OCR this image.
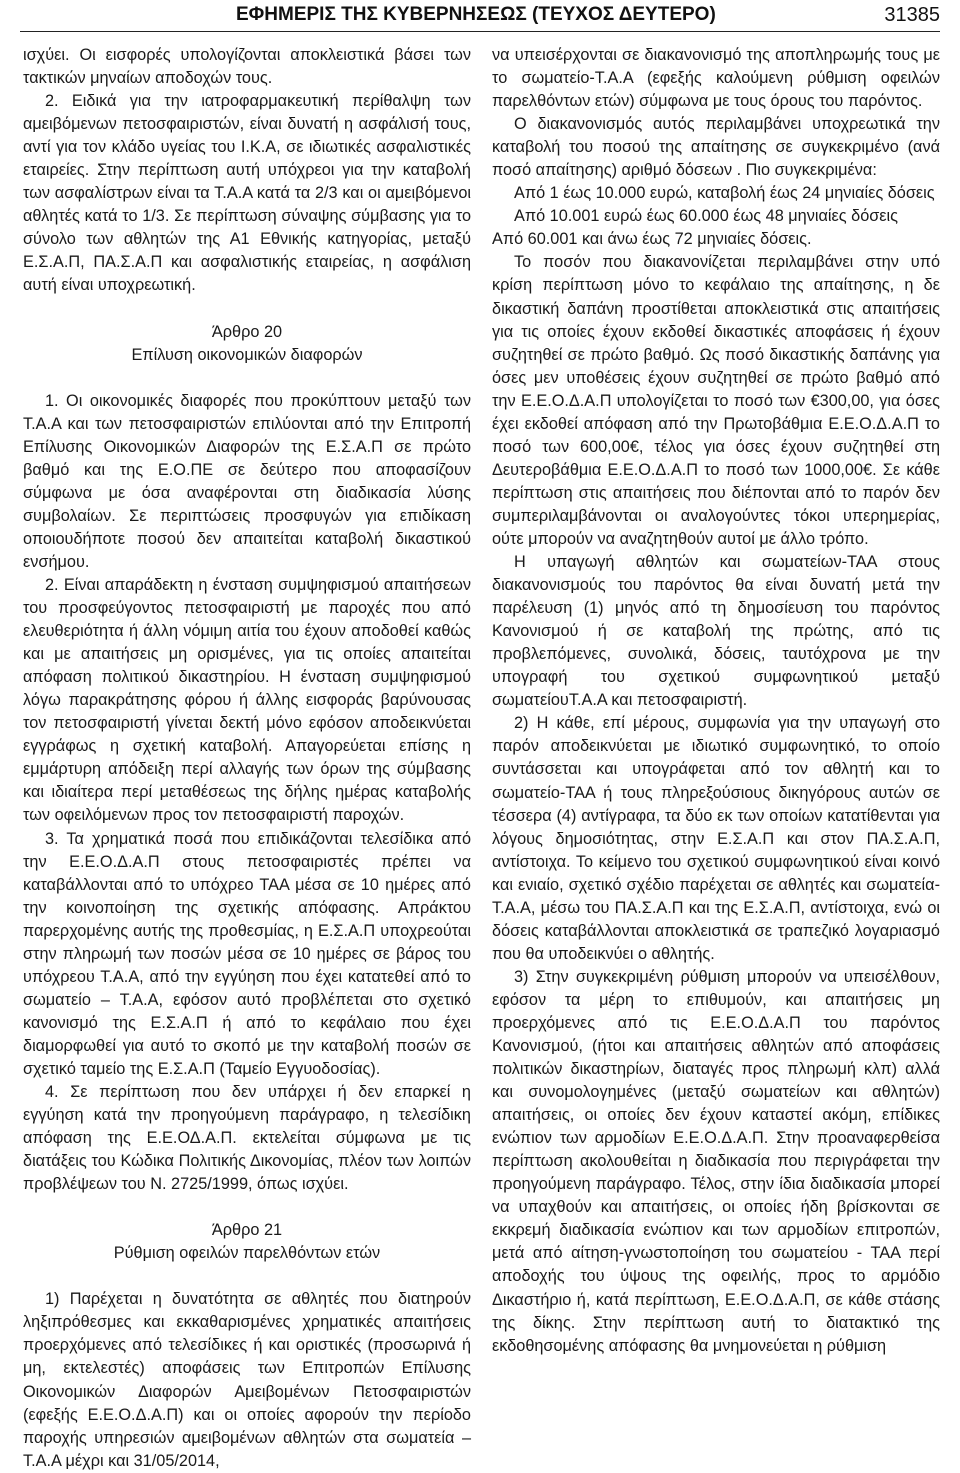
ΕΦΗΜΕΡΙΣ ΤΗΣ ΚΥΒΕΡΝΗΣΕΩΣ (ΤΕΥΧΟΣ ΔΕΥΤΕΡΟ)	31385

ισχύει. Οι εισφορές υπολογίζονται αποκλειστικά βάσει των τακτικών μηναίων αποδοχών τους.

2. Ειδικά για την ιατροφαρμακευτική περίθαλψη των αμειβόμενων πετοσφαιριστών, είναι δυνατή η ασφάλισή τους, αντί για τον κλάδο υγείας του Ι.Κ.Α, σε ιδιωτικές ασφαλιστικές εταιρείες. Στην περίπτωση αυτή υπόχρεοι για την καταβολή των ασφαλίστρων είναι τα Τ.Α.Α κατά τα 2/3 και οι αμειβόμενοι αθλητές κατά το 1/3. Σε περίπτωση σύναψης σύμβασης για το σύνολο των αθλητών της Α1 Εθνικής κατηγορίας, μεταξύ Ε.Σ.Α.Π, ΠΑ.Σ.Α.Π και ασφαλιστικής εταιρείας, η ασφάλιση αυτή είναι υποχρεωτική.

Άρθρο 20

Επίλυση οικονομικών διαφορών

1. Οι οικονομικές διαφορές που προκύπτουν μεταξύ των Τ.Α.Α και των πετοσφαιριστών επιλύονται από την Επιτροπή Επίλυσης Οικονομικών Διαφορών της Ε.Σ.Α.Π σε πρώτο βαθμό και της Ε.Ο.ΠΕ σε δεύτερο που αποφασίζουν σύμφωνα με όσα αναφέρονται στη διαδικασία λύσης συμβολαίων. Σε περιπτώσεις προσφυγών για επιδίκαση οποιουδήποτε ποσού δεν απαιτείται καταβολή δικαστικού ενσήμου.

2. Είναι απαράδεκτη η ένσταση συμψηφισμού απαιτήσεων του προσφεύγοντος πετοσφαιριστή με παροχές που από ελευθεριότητα ή άλλη νόμιμη αιτία του έχουν αποδοθεί καθώς και με απαιτήσεις μη ορισμένες, για τις οποίες απαιτείται απόφαση πολιτικού δικαστηρίου. Η ένσταση συμψηφισμού λόγω παρακράτησης φόρου ή άλλης εισφοράς βαρύνουσας τον πετοσφαιριστή γίνεται δεκτή μόνο εφόσον αποδεικνύεται εγγράφως η σχετική καταβολή. Απαγορεύεται επίσης η εμμάρτυρη απόδειξη περί αλλαγής των όρων της σύμβασης και ιδιαίτερα περί μεταθέσεως της δήλης ημέρας καταβολής των οφειλόμενων προς τον πετοσφαιριστή παροχών.

3. Τα χρηματικά ποσά που επιδικάζονται τελεσίδικα από την Ε.Ε.Ο.Δ.Α.Π στους πετοσφαιριστές πρέπει να καταβάλλονται από το υπόχρεο ΤΑΑ μέσα σε 10 ημέρες από την κοινοποίηση της σχετικής απόφασης. Απράκτου παρερχομένης αυτής της προθεσμίας, η Ε.Σ.Α.Π υποχρεούται στην πληρωμή των ποσών μέσα σε 10 ημέρες σε βάρος του υπόχρεου Τ.Α.Α, από την εγγύηση που έχει κατατεθεί από το σωματείο – Τ.Α.Α, εφόσον αυτό προβλέπεται στο σχετικό κανονισμό της Ε.Σ.Α.Π ή από το κεφάλαιο που έχει διαμορφωθεί για αυτό το σκοπό με την καταβολή ποσών σε σχετικό ταμείο της Ε.Σ.Α.Π (Ταμείο Εγγυοδοσίας).

4. Σε περίπτωση που δεν υπάρχει ή δεν επαρκεί η εγγύηση κατά την προηγούμενη παράγραφο, η τελεσίδικη απόφαση της Ε.Ε.ΟΔ.Α.Π. εκτελείται σύμφωνα με τις διατάξεις του Κώδικα Πολιτικής Δικονομίας, πλέον των λοιπών προβλέψεων του Ν. 2725/1999, όπως ισχύει.

Άρθρο 21

Ρύθμιση οφειλών παρελθόντων ετών

1) Παρέχεται η δυνατότητα σε αθλητές που διατηρούν ληξιπρόθεσμες και εκκαθαρισμένες χρηματικές απαιτήσεις προερχόμενες από τελεσίδικες ή και οριστικές (προσωρινά ή μη, εκτελεστές) αποφάσεις των Επιτροπών Επίλυσης Οικονομικών Διαφορών Αμειβομένων Πετοσφαιριστών (εφεξής Ε.Ε.Ο.Δ.Α.Π) και οι οποίες αφορούν την περίοδο παροχής υπηρεσιών αμειβομένων αθλητών στα σωματεία – Τ.Α.Α μέχρι και 31/05/2014,

να υπεισέρχονται σε διακανονισμό της αποπληρωμής τους με το σωματείο-Τ.Α.Α (εφεξής καλούμενη ρύθμιση οφειλών παρελθόντων ετών) σύμφωνα με τους όρους του παρόντος.

Ο διακανονισμός αυτός περιλαμβάνει υποχρεωτικά την καταβολή του ποσού της απαίτησης σε συγκεκριμένο (ανά ποσό απαίτησης) αριθμό δόσεων . Πιο συγκεκριμένα:

Από 1 έως 10.000 ευρώ, καταβολή έως 24 μηνιαίες δόσεις

Από 10.001 ευρώ έως 60.000 έως 48 μηνιαίες δόσεις

Από 60.001 και άνω έως 72 μηνιαίες δόσεις.

Το ποσόν που διακανονίζεται περιλαμβάνει στην υπό κρίση περίπτωση μόνο το κεφάλαιο της απαίτησης, η δε δικαστική δαπάνη προστίθεται αποκλειστικά στις απαιτήσεις για τις οποίες έχουν εκδοθεί δικαστικές αποφάσεις ή έχουν συζητηθεί σε πρώτο βαθμό. Ως ποσό δικαστικής δαπάνης για όσες μεν υποθέσεις έχουν συζητηθεί σε πρώτο βαθμό από την Ε.Ε.Ο.Δ.Α.Π υπολογίζεται το ποσό των €300,00, για όσες έχει εκδοθεί απόφαση από την Πρωτοβάθμια Ε.Ε.Ο.Δ.Α.Π το ποσό των 600,00€, τέλος για όσες έχουν συζητηθεί στη Δευτεροβάθμια Ε.Ε.Ο.Δ.Α.Π το ποσό των 1000,00€. Σε κάθε περίπτωση στις απαιτήσεις που διέπονται από το παρόν δεν συμπεριλαμβάνονται οι αναλογούντες τόκοι υπερημερίας, ούτε μπορούν να αναζητηθούν αυτοί με άλλο τρόπο.

Η υπαγωγή αθλητών και σωματείων-ΤΑΑ στους διακανονισμούς του παρόντος θα είναι δυνατή μετά την παρέλευση (1) μηνός από τη δημοσίευση του παρόντος Κανονισμού ή σε καταβολή της πρώτης, από τις προβλεπόμενες, συνολικά, δόσεις, ταυτόχρονα με την υπογραφή του σχετικού συμφωνητικού μεταξύ σωματείουΤ.Α.Α και πετοσφαιριστή.

2) Η κάθε, επί μέρους, συμφωνία για την υπαγωγή στο παρόν αποδεικνύεται με ιδιωτικό συμφωνητικό, το οποίο συντάσσεται και υπογράφεται από τον αθλητή και το σωματείο-ΤΑΑ ή τους πληρεξούσιους δικηγόρους αυτών σε τέσσερα (4) αντίγραφα, τα δύο εκ των οποίων κατατίθενται για λόγους δημοσιότητας, στην Ε.Σ.Α.Π και στον ΠΑ.Σ.Α.Π, αντίστοιχα. Το κείμενο του σχετικού συμφωνητικού είναι κοινό και ενιαίο, σχετικό σχέδιο παρέχεται σε αθλητές και σωματεία-Τ.Α.Α, μέσω του ΠΑ.Σ.Α.Π και της Ε.Σ.Α.Π, αντίστοιχα, ενώ οι δόσεις καταβάλλονται αποκλειστικά σε τραπεζικό λογαριασμό που θα υποδεικνύει ο αθλητής.

3) Στην συγκεκριμένη ρύθμιση μπορούν να υπεισέλθουν, εφόσον τα μέρη το επιθυμούν, και απαιτήσεις μη προερχόμενες από τις Ε.Ε.Ο.Δ.Α.Π του παρόντος Κανονισμού, (ήτοι και απαιτήσεις αθλητών από αποφάσεις πολιτικών δικαστηρίων, διαταγές προς πληρωμή κλπ) αλλά και συνομολογημένες (μεταξύ σωματείων και αθλητών) απαιτήσεις, οι οποίες δεν έχουν καταστεί ακόμη, επίδικες ενώπιον των αρμοδίων Ε.Ε.Ο.Δ.Α.Π. Στην προαναφερθείσα περίπτωση ακολουθείται η διαδικασία που περιγράφεται την προηγούμενη παράγραφο. Τέλος, στην ίδια διαδικασία μπορεί να υπαχθούν και απαιτήσεις, οι οποίες ήδη βρίσκονται σε εκκρεμή διαδικασία ενώπιον και των αρμοδίων επιτροπών, μετά από αίτηση-γνωστοποίηση του σωματείου - ΤΑΑ περί αποδοχής του ύψους της οφειλής, προς το αρμόδιο Δικαστήριο ή, κατά περίπτωση, Ε.Ε.Ο.Δ.Α.Π, σε κάθε στάσης της δίκης. Στην περίπτωση αυτή το διατακτικό της εκδοθησομένης απόφασης θα μνημονεύεται η ρύθμιση
